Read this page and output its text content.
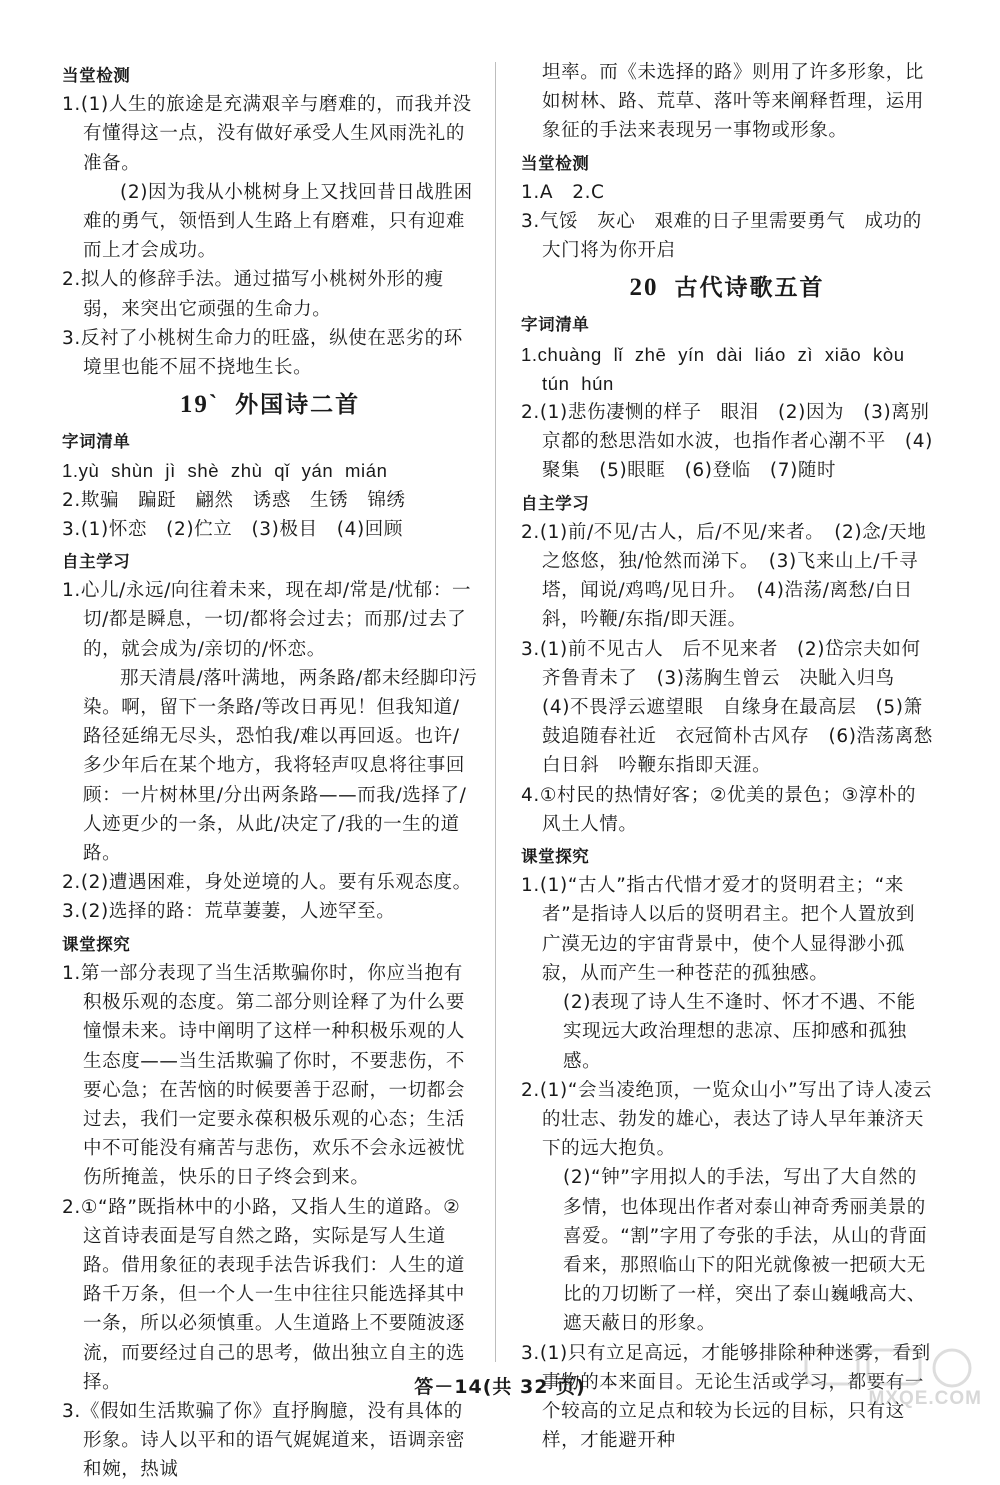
当堂检测
1.(1)人生的旅途是充满艰辛与磨难的，而我并没有懂得这一点，没有做好承受人生风雨洗礼的准备。
(2)因为我从小桃树身上又找回昔日战胜困难的勇气，领悟到人生路上有磨难，只有迎难而上才会成功。
2.拟人的修辞手法。通过描写小桃树外形的瘦弱，来突出它顽强的生命力。
3.反衬了小桃树生命力的旺盛，纵使在恶劣的环境里也能不屈不挠地生长。
19` 外国诗二首
字词清单
1.yù shùn jì shè zhù qǐ yán mián
2.欺骗　蹁跹　翩然　诱惑　生锈　锦绣
3.(1)怀恋　(2)伫立　(3)极目　(4)回顾
自主学习
1.心儿/永远/向往着未来，现在却/常是/忧郁：一切/都是瞬息，一切/都将会过去；而那/过去了的，就会成为/亲切的/怀恋。
那天清晨/落叶满地，两条路/都未经脚印污染。啊，留下一条路/等改日再见！但我知道/路径延绵无尽头，恐怕我/难以再回返。也许/多少年后在某个地方，我将轻声叹息将往事回顾：一片树林里/分出两条路——而我/选择了/人迹更少的一条，从此/决定了/我的一生的道路。
2.(2)遭遇困难，身处逆境的人。要有乐观态度。
3.(2)选择的路：荒草萋萋，人迹罕至。
课堂探究
1.第一部分表现了当生活欺骗你时，你应当抱有积极乐观的态度。第二部分则诠释了为什么要憧憬未来。诗中阐明了这样一种积极乐观的人生态度——当生活欺骗了你时，不要悲伤，不要心急；在苦恼的时候要善于忍耐，一切都会过去，我们一定要永葆积极乐观的心态；生活中不可能没有痛苦与悲伤，欢乐不会永远被忧伤所掩盖，快乐的日子终会到来。
2.①“路”既指林中的小路，又指人生的道路。②这首诗表面是写自然之路，实际是写人生道路。借用象征的表现手法告诉我们：人生的道路千万条，但一个人一生中往往只能选择其中一条，所以必须慎重。人生道路上不要随波逐流，而要经过自己的思考，做出独立自主的选择。
3.《假如生活欺骗了你》直抒胸臆，没有具体的形象。诗人以平和的语气娓娓道来，语调亲密和婉，热诚
坦率。而《未选择的路》则用了许多形象，比如树林、路、荒草、落叶等来阐释哲理，运用象征的手法来表现另一事物或形象。
当堂检测
1.A　2.C
3.气馁　灰心　艰难的日子里需要勇气　成功的大门将为你开启
20 古代诗歌五首
字词清单
1.chuàng lǐ zhē yín dài liáo zì xiāo kòu tún hún
2.(1)悲伤凄恻的样子　眼泪　(2)因为　(3)离别京都的愁思浩如水波，也指作者心潮不平　(4)聚集　(5)眼眶　(6)登临　(7)随时
自主学习
2.(1)前/不见/古人，后/不见/来者。　(2)念/天地之悠悠，独/怆然而涕下。　(3)飞来山上/千寻塔，闻说/鸡鸣/见日升。　(4)浩荡/离愁/白日斜，吟鞭/东指/即天涯。
3.(1)前不见古人　后不见来者　(2)岱宗夫如何　齐鲁青未了　(3)荡胸生曾云　决眦入归鸟　(4)不畏浮云遮望眼　自缘身在最高层　(5)箫鼓追随春社近　衣冠简朴古风存　(6)浩荡离愁白日斜　吟鞭东指即天涯。
4.①村民的热情好客；②优美的景色；③淳朴的风土人情。
课堂探究
1.(1)“古人”指古代惜才爱才的贤明君主；“来者”是指诗人以后的贤明君主。把个人置放到广漠无边的宇宙背景中，使个人显得渺小孤寂，从而产生一种苍茫的孤独感。
(2)表现了诗人生不逢时、怀才不遇、不能实现远大政治理想的悲凉、压抑感和孤独感。
2.(1)“会当凌绝顶，一览众山小”写出了诗人凌云的壮志、勃发的雄心，表达了诗人早年兼济天下的远大抱负。
(2)“钟”字用拟人的手法，写出了大自然的多情，也体现出作者对泰山神奇秀丽美景的喜爱。“割”字用了夸张的手法，从山的背面看来，那照临山下的阳光就像被一把硕大无比的刀切断了一样，突出了泰山巍峨高大、遮天蔽日的形象。
3.(1)只有立足高远，才能够排除种种迷雾，看到事物的本来面目。无论生活或学习，都要有一个较高的立足点和较为长远的目标，只有这样，才能避开种
答－14(共 32 页)
MXQE.COM
